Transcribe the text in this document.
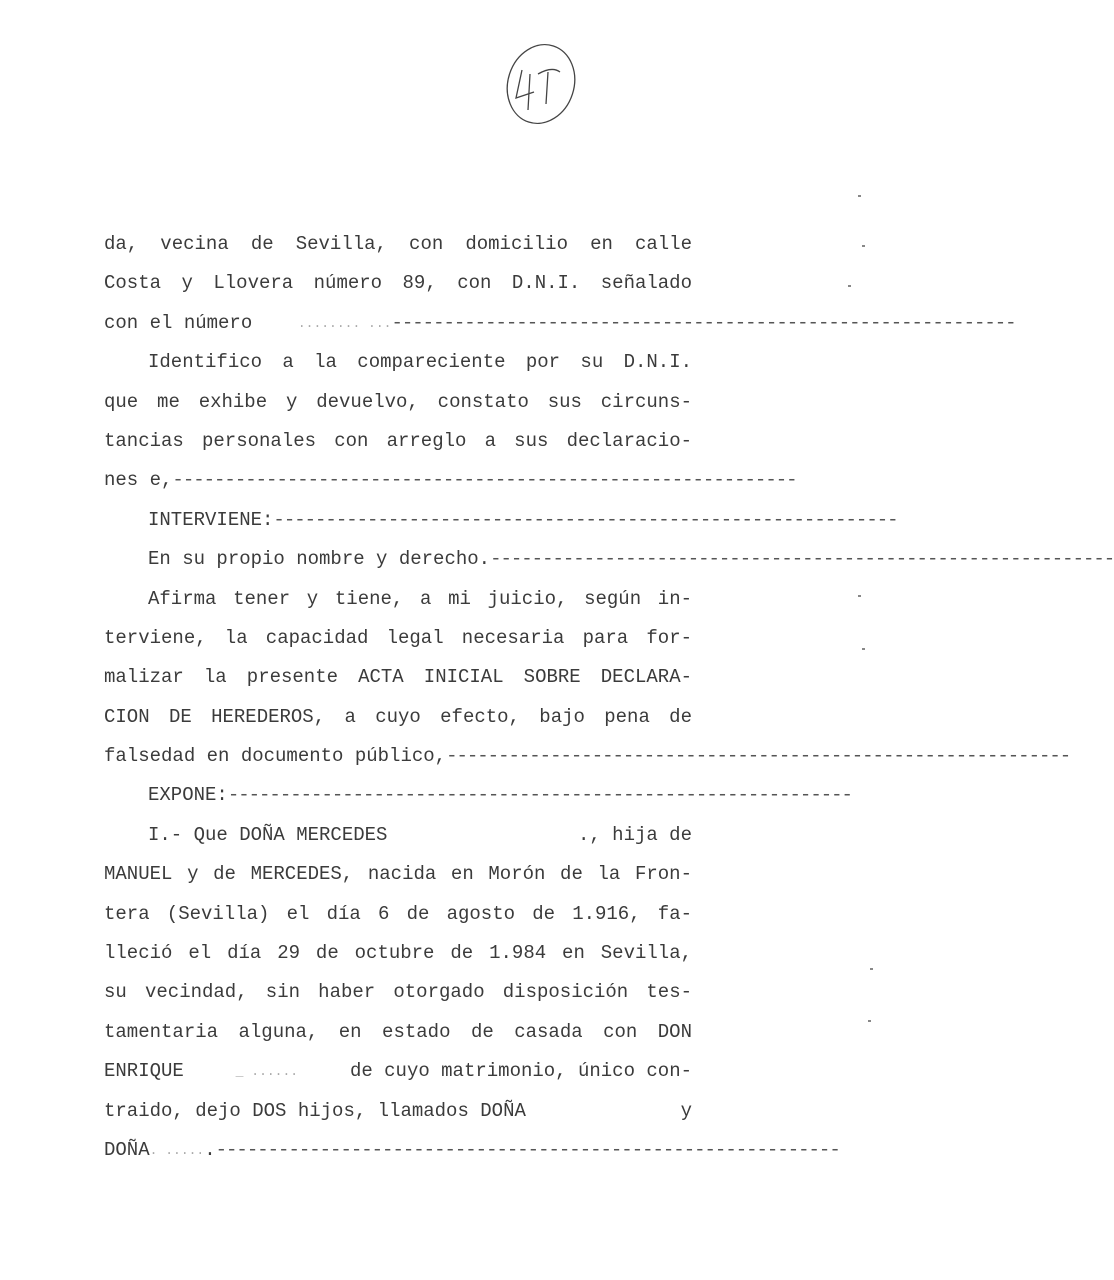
da, vecina de Sevilla, con domicilio en calle
Costa y Llovera número 89, con D.N.I. señalado
con el número ........ ... ------------------------------------------------------------
Identifico a la compareciente por su D.N.I.
que me exhibe y devuelvo, constato sus circuns-
tancias personales con arreglo a sus declaracio-
nes e, ------------------------------------------------------------
INTERVIENE: ------------------------------------------------------------
En su propio nombre y derecho. ------------------------------------------------------------
Afirma tener y tiene, a mi juicio, según in-
terviene, la capacidad legal necesaria para for-
malizar la presente ACTA INICIAL SOBRE DECLARA-
CION DE HEREDEROS, a cuyo efecto, bajo pena de
falsedad en documento público, ------------------------------------------------------------
EXPONE: ------------------------------------------------------------
I.- Que DOÑA MERCEDES	., hija de
MANUEL y de MERCEDES, nacida en Morón de la Fron-
tera (Sevilla) el día 6 de agosto de 1.916, fa-
lleció el día 29 de octubre de 1.984 en Sevilla,
su vecindad, sin haber otorgado disposición tes-
tamentaria alguna, en estado de casada con DON
ENRIQUE	_ ......	de cuyo matrimonio, único con-
traido, dejo DOS hijos, llamados DOÑA	y
DOÑA . ..... . ------------------------------------------------------------
